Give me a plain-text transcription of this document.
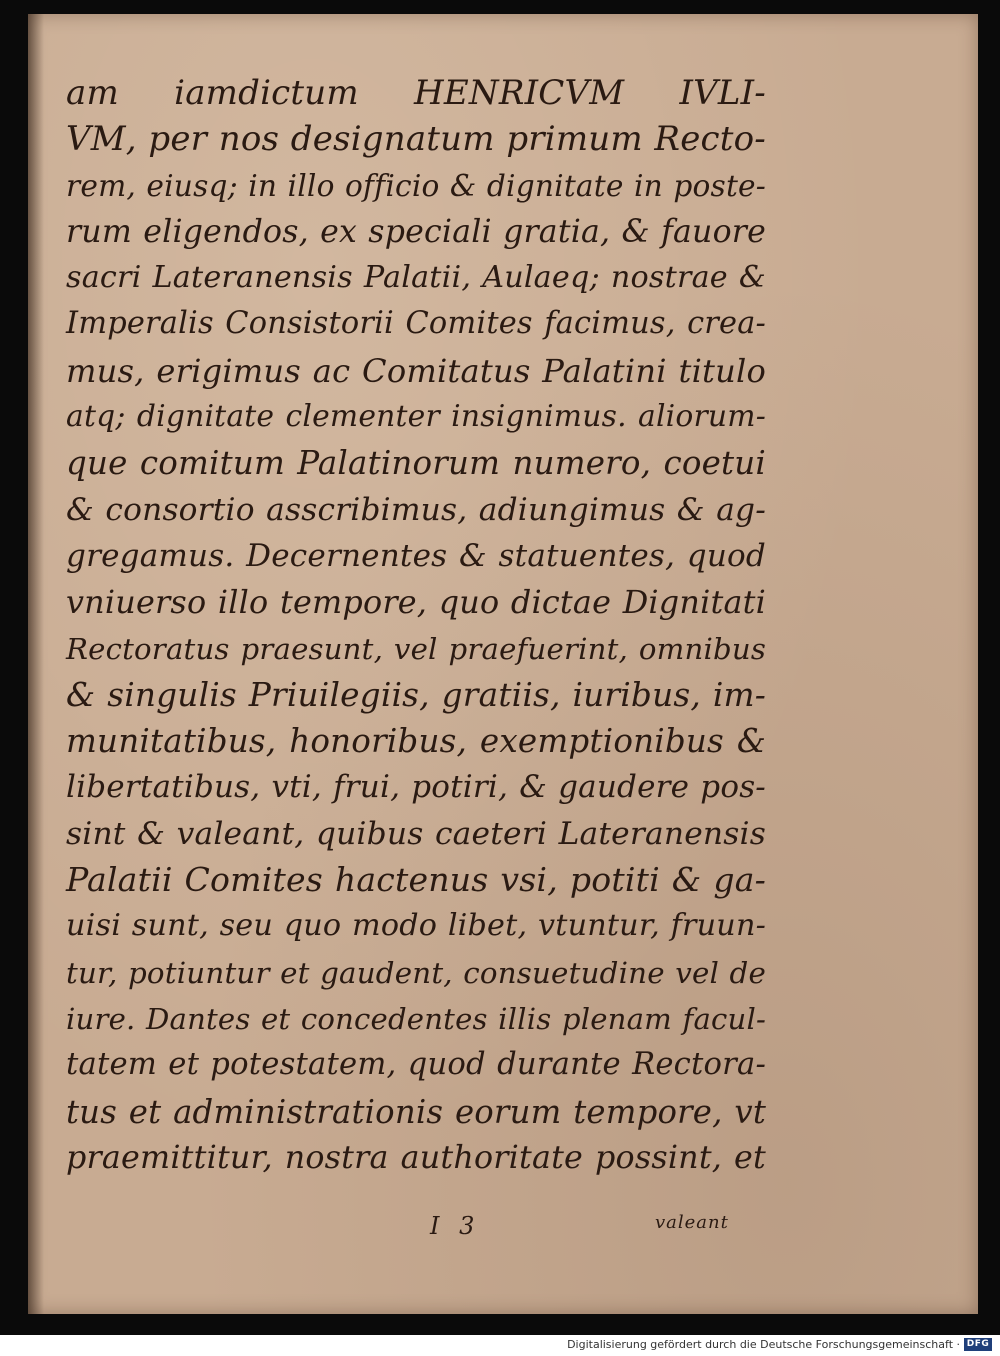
am iamdictum HENRICVM IVLI-
VM, per nos designatum primum Recto-
rem, eiusq; in illo officio & dignitate in poste-
rum eligendos, ex speciali gratia, & fauore
sacri Lateranensis Palatii, Aulaeq; nostrae &
Imperalis Consistorii Comites facimus, crea-
mus, erigimus ac Comitatus Palatini titulo
atq; dignitate clementer insignimus. aliorum-
que comitum Palatinorum numero, coetui
& consortio asscribimus, adiungimus & ag-
gregamus. Decernentes & statuentes, quod
vniuerso illo tempore, quo dictae Dignitati
Rectoratus praesunt, vel praefuerint, omnibus
& singulis Priuilegiis, gratiis, iuribus, im-
munitatibus, honoribus, exemptionibus &
libertatibus, vti, frui, potiri, & gaudere pos-
sint & valeant, quibus caeteri Lateranensis
Palatii Comites hactenus vsi, potiti & ga-
uisi sunt, seu quo modo libet, vtuntur, fruun-
tur, potiuntur et gaudent, consuetudine vel de
iure. Dantes et concedentes illis plenam facul-
tatem et potestatem, quod durante Rectora-
tus et administrationis eorum tempore, vt
praemittitur, nostra authoritate possint, et
I 3	valeant
Digitalisierung gefördert durch die Deutsche Forschungsgemeinschaft · DFG
